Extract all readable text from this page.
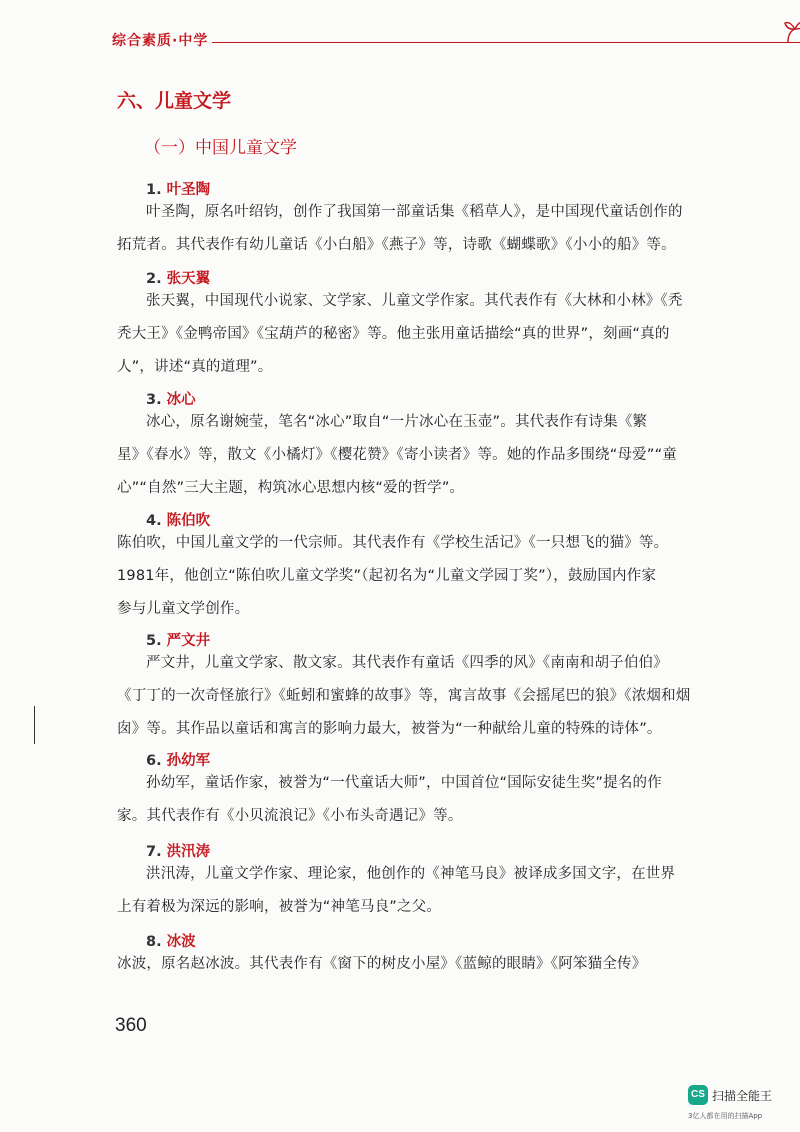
综合素质·中学
六、儿童文学
（一）中国儿童文学
1. 叶圣陶
叶圣陶，原名叶绍钧，创作了我国第一部童话集《稻草人》，是中国现代童话创作的
拓荒者。其代表作有幼儿童话《小白船》《燕子》等，诗歌《蝴蝶歌》《小小的船》等。
2. 张天翼
张天翼，中国现代小说家、文学家、儿童文学作家。其代表作有《大林和小林》《秃
秃大王》《金鸭帝国》《宝葫芦的秘密》等。他主张用童话描绘“真的世界”，刻画“真的
人”，讲述“真的道理”。
3. 冰心
冰心，原名谢婉莹，笔名“冰心”取自“一片冰心在玉壶”。其代表作有诗集《繁
星》《春水》等，散文《小橘灯》《樱花赞》《寄小读者》等。她的作品多围绕“母爱”“童
心”“自然”三大主题，构筑冰心思想内核“爱的哲学”。
4. 陈伯吹
陈伯吹，中国儿童文学的一代宗师。其代表作有《学校生活记》《一只想飞的猫》等。
1981年，他创立“陈伯吹儿童文学奖”（起初名为“儿童文学园丁奖”），鼓励国内作家
参与儿童文学创作。
5. 严文井
严文井，儿童文学家、散文家。其代表作有童话《四季的风》《南南和胡子伯伯》
《丁丁的一次奇怪旅行》《蚯蚓和蜜蜂的故事》等，寓言故事《会摇尾巴的狼》《浓烟和烟
囱》等。其作品以童话和寓言的影响力最大，被誉为“一种献给儿童的特殊的诗体”。
6. 孙幼军
孙幼军，童话作家，被誉为“一代童话大师”，中国首位“国际安徒生奖”提名的作
家。其代表作有《小贝流浪记》《小布头奇遇记》等。
7. 洪汛涛
洪汛涛，儿童文学作家、理论家，他创作的《神笔马良》被译成多国文字，在世界
上有着极为深远的影响，被誉为“神笔马良”之父。
8. 冰波
冰波，原名赵冰波。其代表作有《窗下的树皮小屋》《蓝鲸的眼睛》《阿笨猫全传》
360
CS 扫描全能王
3亿人都在用的扫描App
